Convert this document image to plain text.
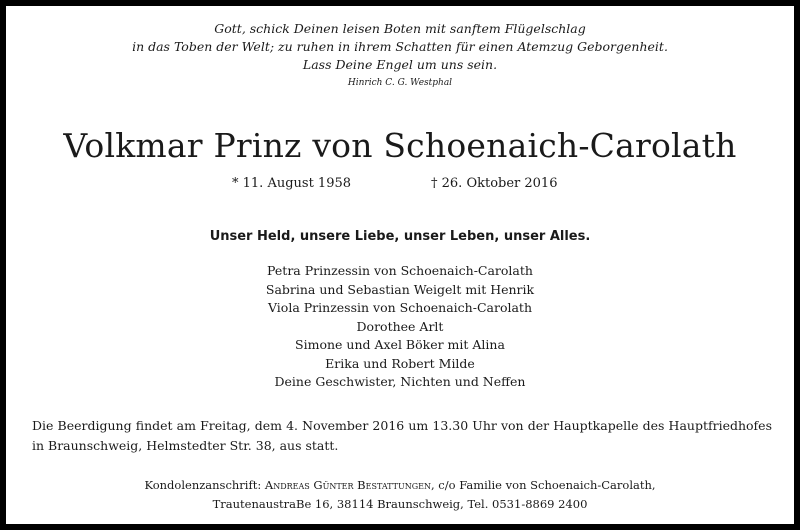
Gott, schick Deinen leisen Boten mit sanftem Flügelschlag
in das Toben der Welt; zu ruhen in ihrem Schatten für einen Atemzug Geborgenheit.
Lass Deine Engel um uns sein.
Hinrich C. G. Westphal
Volkmar Prinz von Schoenaich-Carolath
* 11. August 1958	† 26. Oktober 2016
Unser Held, unsere Liebe, unser Leben, unser Alles.
Petra Prinzessin von Schoenaich-Carolath
Sabrina und Sebastian Weigelt mit Henrik
Viola Prinzessin von Schoenaich-Carolath
Dorothee Arlt
Simone und Axel Böker mit Alina
Erika und Robert Milde
Deine Geschwister, Nichten und Neffen
Die Beerdigung findet am Freitag, dem 4. November 2016 um 13.30 Uhr von der Hauptkapelle des Hauptfriedhofes in Braunschweig, Helmstedter Str. 38, aus statt.
Kondolenzanschrift: Andreas Günter Bestattungen, c/o Familie von Schoenaich-Carolath,
TrautenaustraBe 16, 38114 Braunschweig, Tel. 0531-8869 2400
